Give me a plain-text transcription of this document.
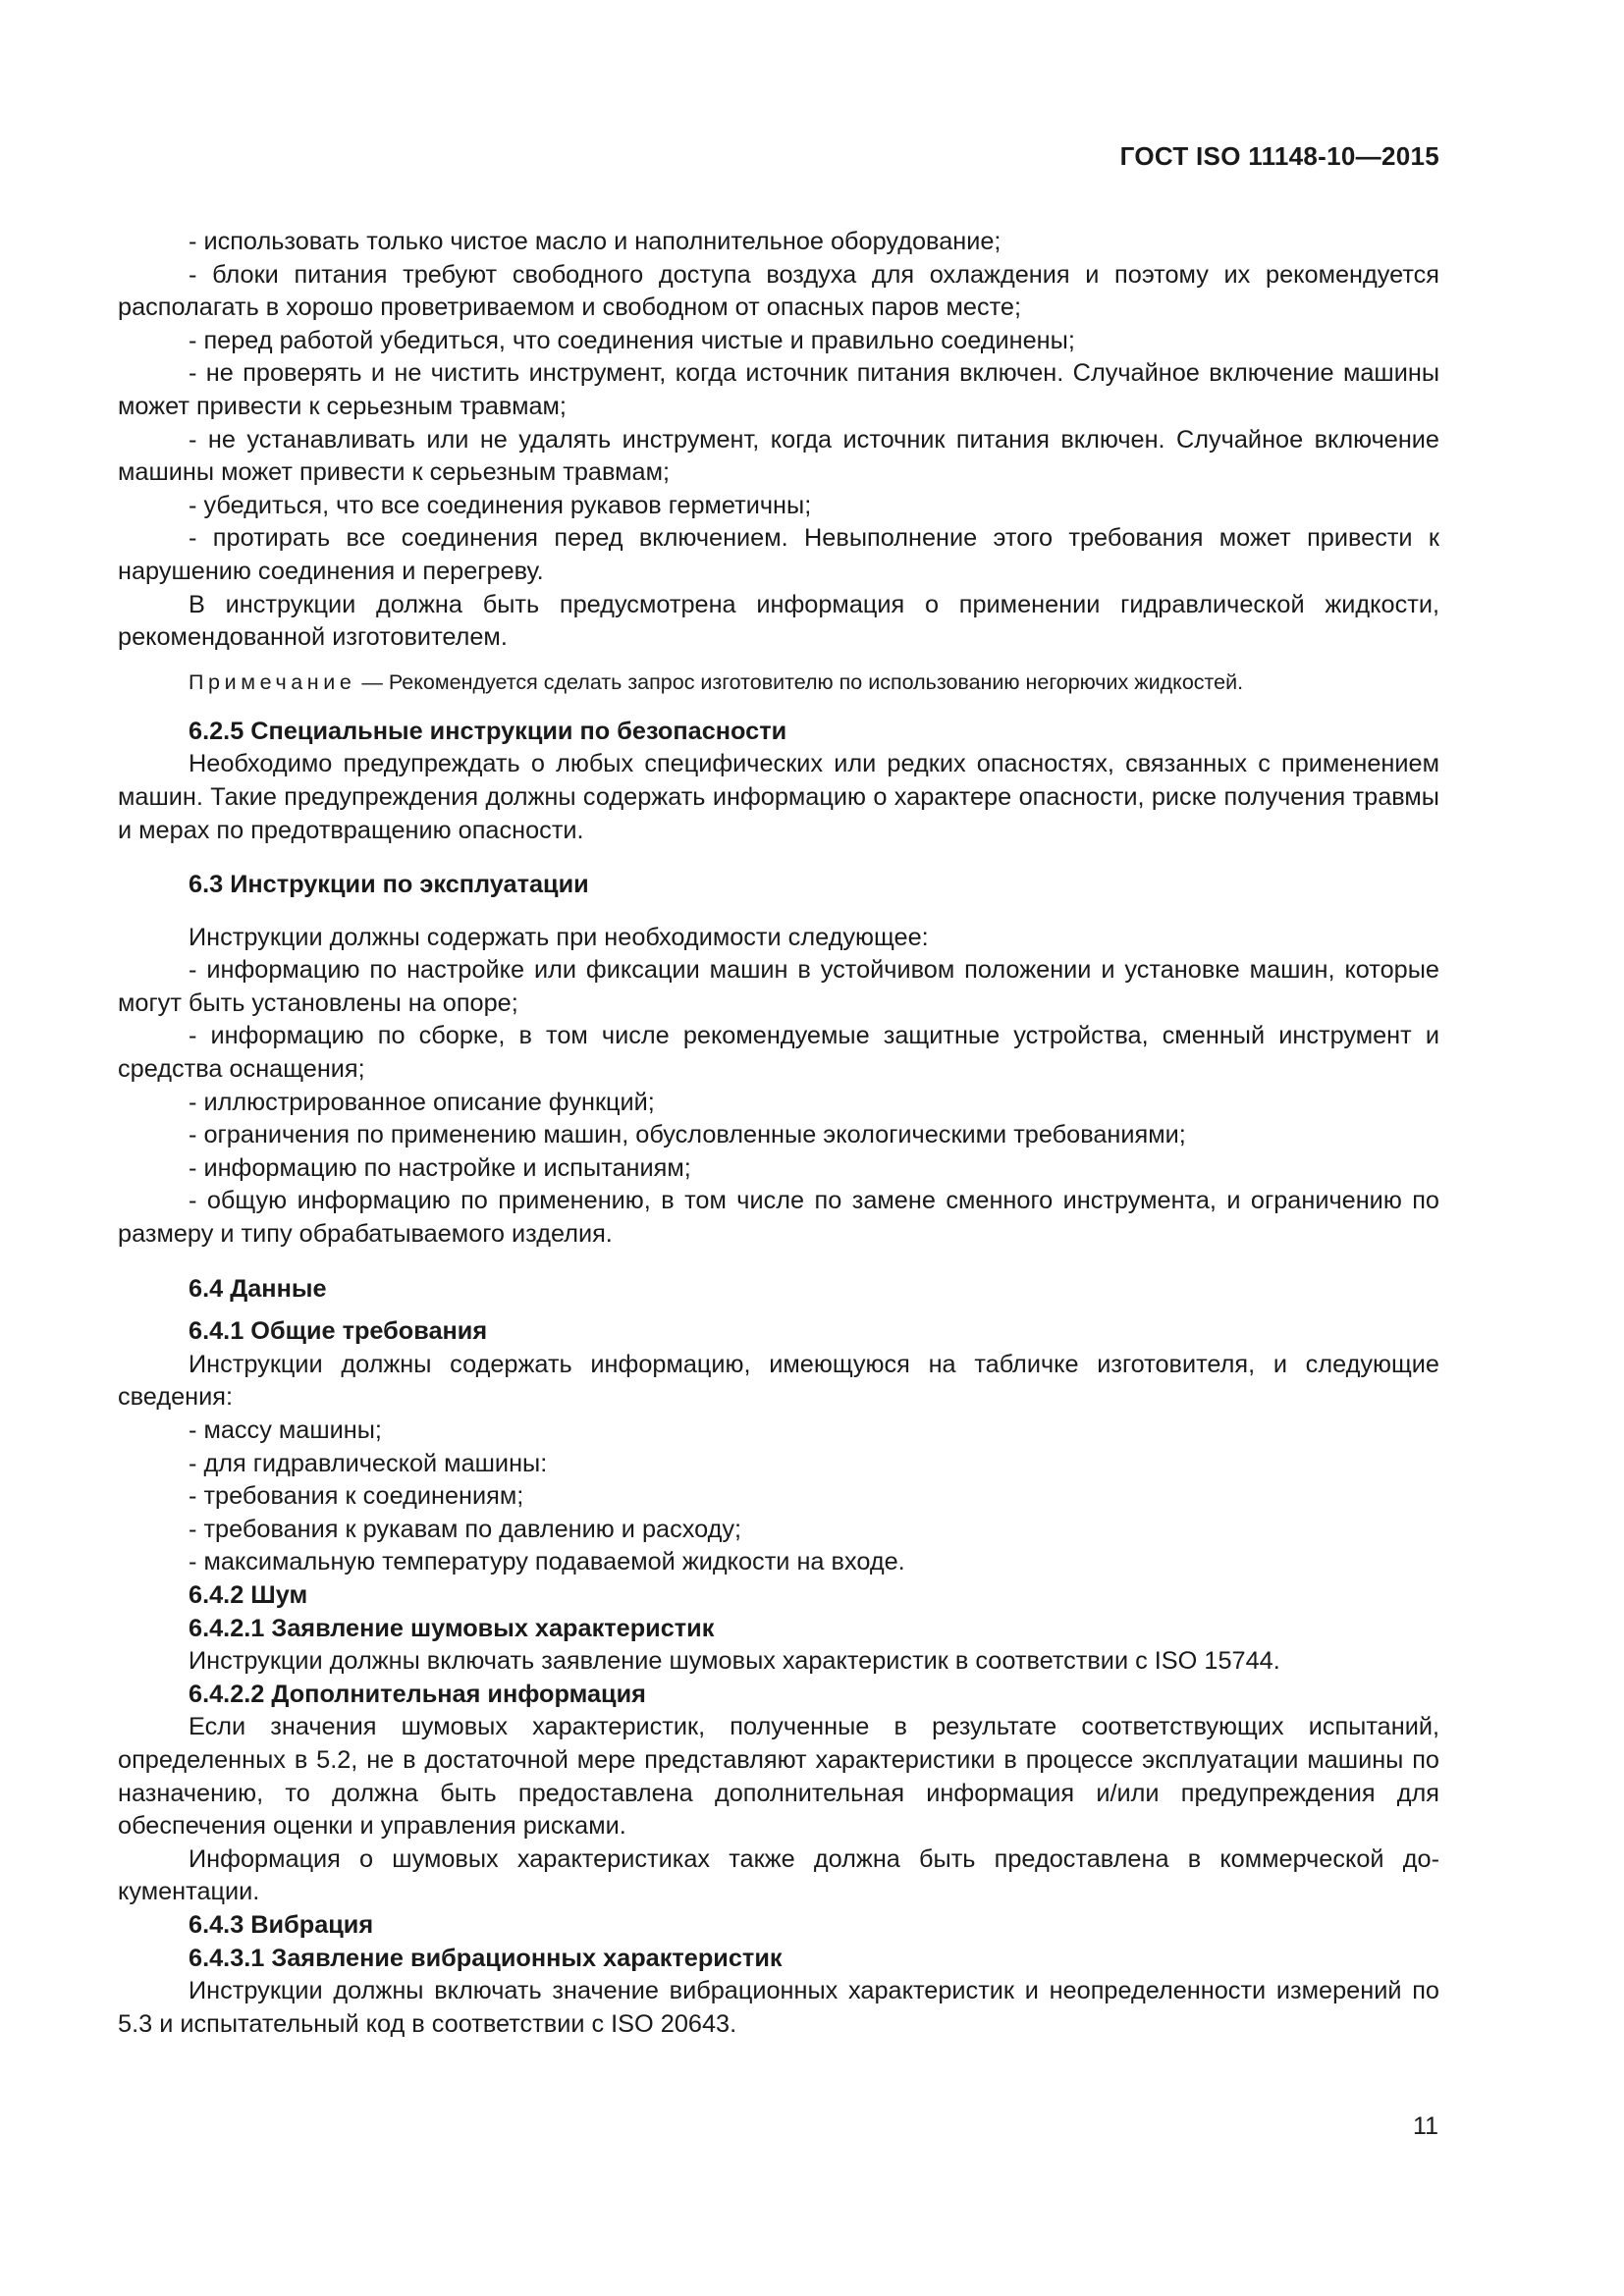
ГОСТ ISO 11148-10—2015

- использовать только чистое масло и наполнительное оборудование;

- блоки питания требуют свободного доступа воздуха для охлаждения и поэтому их рекомендуется располагать в хорошо проветриваемом и свободном от опасных паров месте;

- перед работой убедиться, что соединения чистые и правильно соединены;

- не проверять и не чистить инструмент, когда источник питания включен. Случайное включение машины может привести к серьезным травмам;

- не устанавливать или не удалять инструмент, когда источник питания включен. Случайное включение машины может привести к серьезным травмам;

- убедиться, что все соединения рукавов герметичны;

- протирать все соединения перед включением. Невыполнение этого требования может привести к нарушению соединения и перегреву.

В инструкции должна быть предусмотрена информация о применении гидравлической жидкости, рекомендованной изготовителем.

Примечание — Рекомендуется сделать запрос изготовителю по использованию негорючих жидкостей.

6.2.5 Специальные инструкции по безопасности

Необходимо предупреждать о любых специфических или редких опасностях, связанных с применением машин. Такие предупреждения должны содержать информацию о характере опасности, риске получения травмы и мерах по предотвращению опасности.

6.3 Инструкции по эксплуатации

Инструкции должны содержать при необходимости следующее:

- информацию по настройке или фиксации машин в устойчивом положении и установке машин, которые могут быть установлены на опоре;

- информацию по сборке, в том числе рекомендуемые защитные устройства, сменный инструмент и средства оснащения;

- иллюстрированное описание функций;

- ограничения по применению машин, обусловленные экологическими требованиями;

- информацию по настройке и испытаниям;

- общую информацию по применению, в том числе по замене сменного инструмента, и ограничению по размеру и типу обрабатываемого изделия.

6.4 Данные

6.4.1 Общие требования

Инструкции должны содержать информацию, имеющуюся на табличке изготовителя, и следующие сведения:

- массу машины;

- для гидравлической машины:

- требования к соединениям;

- требования к рукавам по давлению и расходу;

- максимальную температуру подаваемой жидкости на входе.

6.4.2 Шум

6.4.2.1 Заявление шумовых характеристик

Инструкции должны включать заявление шумовых характеристик в соответствии с ISO 15744.

6.4.2.2 Дополнительная информация

Если значения шумовых характеристик, полученные в результате соответствующих испытаний, определенных в 5.2, не в достаточной мере представляют характеристики в процессе эксплуатации машины по назначению, то должна быть предоставлена дополнительная информация и/или предупреждения для обеспечения оценки и управления рисками.

Информация о шумовых характеристиках также должна быть предоставлена в коммерческой документации.

6.4.3 Вибрация

6.4.3.1 Заявление вибрационных характеристик

Инструкции должны включать значение вибрационных характеристик и неопределенности измерений по 5.3 и испытательный код в соответствии с ISO 20643.

11
